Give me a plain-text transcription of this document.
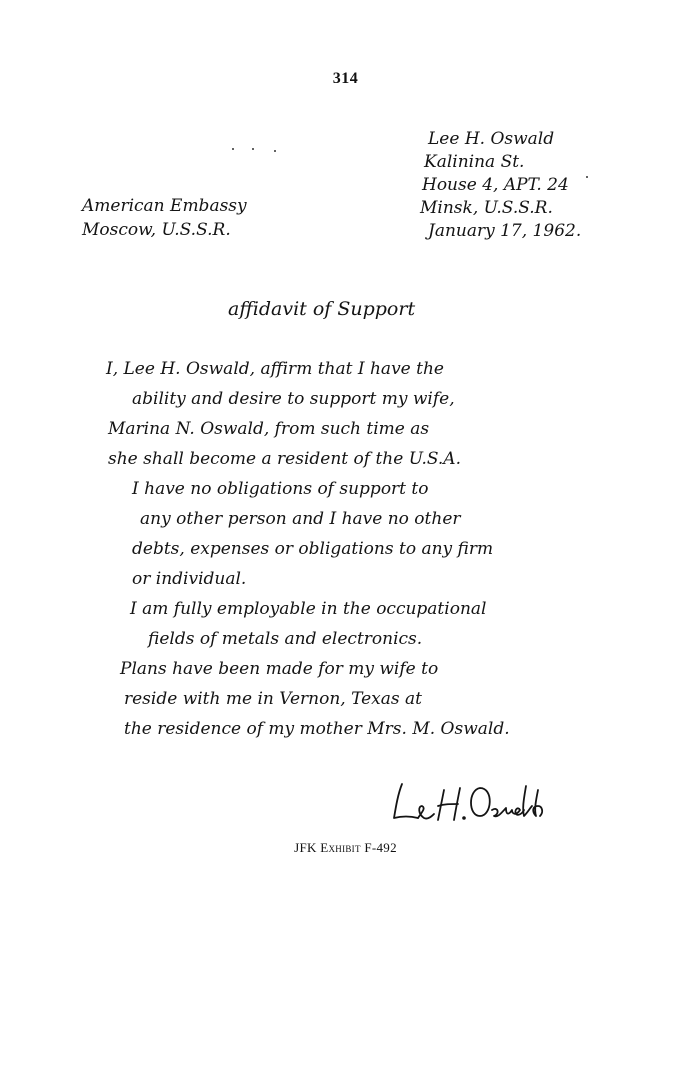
314
Lee H. Oswald
Kalinina St.
House 4, APT. 24
Minsk, U.S.S.R.
January 17, 1962.
American Embassy
Moscow, U.S.S.R.
affidavit of Support
I, Lee H. Oswald, affirm that I have the
ability and desire to support my wife,
Marina N. Oswald, from such time as
she shall become a resident of the U.S.A.
I have no obligations of support to
any other person and I have no other
debts, expenses or obligations to any firm
or individual.
I am fully employable in the occupational
fields of metals and electronics.
Plans have been made for my wife to
reside with me in Vernon, Texas at
the residence of my mother Mrs. M. Oswald.
JFK Exhibit F-492
